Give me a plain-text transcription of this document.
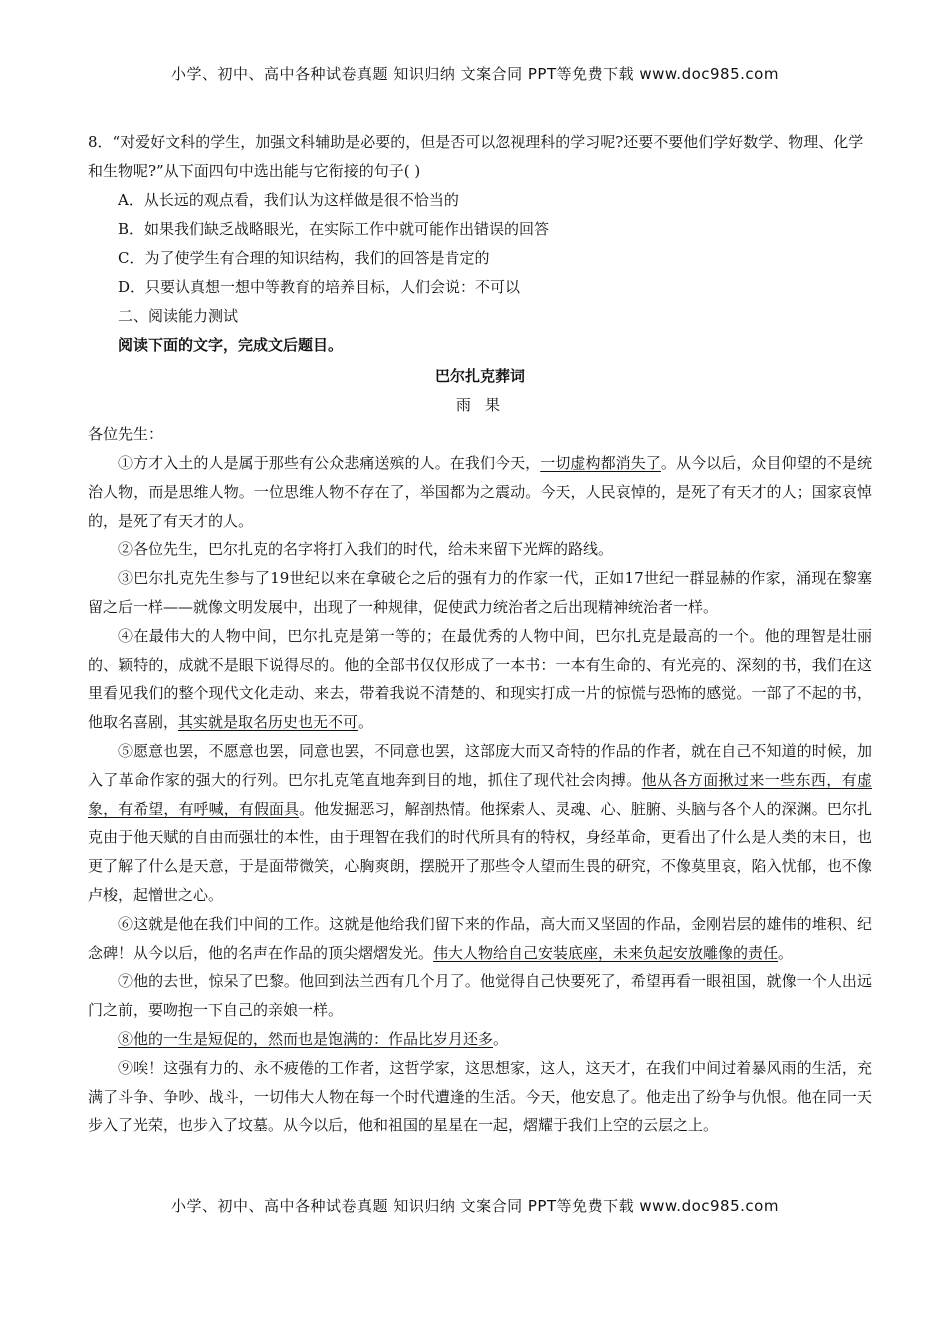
小学、初中、高中各种试卷真题 知识归纳 文案合同 PPT等免费下载 www.doc985.com

8．“对爱好文科的学生，加强文科辅助是必要的，但是否可以忽视理科的学习呢?还要不要他们学好数学、物理、化学和生物呢?”从下面四句中选出能与它衔接的句子( )

A．从长远的观点看，我们认为这样做是很不恰当的

B．如果我们缺乏战略眼光，在实际工作中就可能作出错误的回答

C．为了使学生有合理的知识结构，我们的回答是肯定的

D．只要认真想一想中等教育的培养目标，人们会说：不可以

二、阅读能力测试

阅读下面的文字，完成文后题目。

巴尔扎克葬词

雨果

各位先生：

①方才入土的人是属于那些有公众悲痛送殡的人。在我们今天，一切虚构都消失了。从今以后，众目仰望的不是统治人物，而是思维人物。一位思维人物不存在了，举国都为之震动。今天，人民哀悼的，是死了有天才的人；国家哀悼的，是死了有天才的人。

②各位先生，巴尔扎克的名字将打入我们的时代，给未来留下光辉的路线。

③巴尔扎克先生参与了19世纪以来在拿破仑之后的强有力的作家一代，正如17世纪一群显赫的作家，涌现在黎塞留之后一样——就像文明发展中，出现了一种规律，促使武力统治者之后出现精神统治者一样。

④在最伟大的人物中间，巴尔扎克是第一等的；在最优秀的人物中间，巴尔扎克是最高的一个。他的理智是壮丽的、颖特的，成就不是眼下说得尽的。他的全部书仅仅形成了一本书：一本有生命的、有光亮的、深刻的书，我们在这里看见我们的整个现代文化走动、来去，带着我说不清楚的、和现实打成一片的惊慌与恐怖的感觉。一部了不起的书，他取名喜剧，其实就是取名历史也无不可。

⑤愿意也罢，不愿意也罢，同意也罢，不同意也罢，这部庞大而又奇特的作品的作者，就在自己不知道的时候，加入了革命作家的强大的行列。巴尔扎克笔直地奔到目的地，抓住了现代社会肉搏。他从各方面揪过来一些东西，有虚象，有希望，有呼喊，有假面具。他发掘恶习，解剖热情。他探索人、灵魂、心、脏腑、头脑与各个人的深渊。巴尔扎克由于他天赋的自由而强壮的本性，由于理智在我们的时代所具有的特权，身经革命，更看出了什么是人类的末日，也更了解了什么是天意，于是面带微笑，心胸爽朗，摆脱开了那些令人望而生畏的研究，不像莫里哀，陷入忧郁，也不像卢梭，起憎世之心。

⑥这就是他在我们中间的工作。这就是他给我们留下来的作品，高大而又坚固的作品，金刚岩层的雄伟的堆积、纪念碑！从今以后，他的名声在作品的顶尖熠熠发光。伟大人物给自己安装底座，未来负起安放雕像的责任。

⑦他的去世，惊呆了巴黎。他回到法兰西有几个月了。他觉得自己快要死了，希望再看一眼祖国，就像一个人出远门之前，要吻抱一下自己的亲娘一样。

⑧他的一生是短促的，然而也是饱满的：作品比岁月还多。

⑨唉！这强有力的、永不疲倦的工作者，这哲学家，这思想家，这人，这天才，在我们中间过着暴风雨的生活，充满了斗争、争吵、战斗，一切伟大人物在每一个时代遭逢的生活。今天，他安息了。他走出了纷争与仇恨。他在同一天步入了光荣，也步入了坟墓。从今以后，他和祖国的星星在一起，熠耀于我们上空的云层之上。

小学、初中、高中各种试卷真题 知识归纳 文案合同 PPT等免费下载 www.doc985.com
